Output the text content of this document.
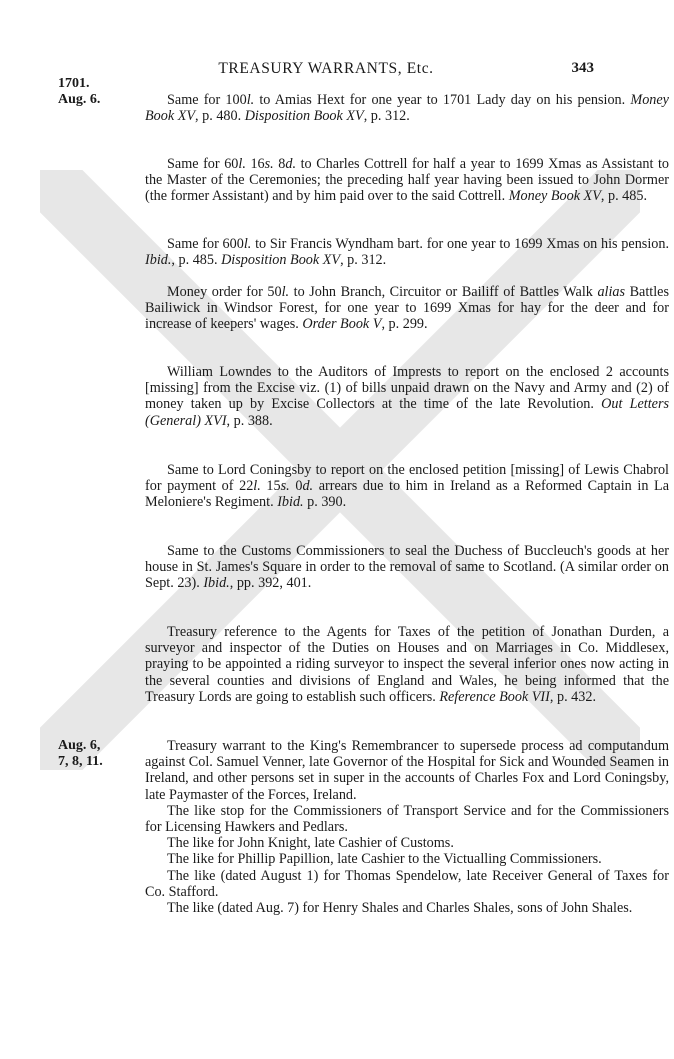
TREASURY WARRANTS, Etc.	343
1701.
Aug. 6.	Same for 100l. to Amias Hext for one year to 1701 Lady day on his pension. Money Book XV, p. 480. Disposition Book XV, p. 312.

Same for 60l. 16s. 8d. to Charles Cottrell for half a year to 1699 Xmas as Assistant to the Master of the Ceremonies; the preceding half year having been issued to John Dormer (the former Assistant) and by him paid over to the said Cottrell. Money Book XV, p. 485.

Same for 600l. to Sir Francis Wyndham bart. for one year to 1699 Xmas on his pension. Ibid., p. 485. Disposition Book XV, p. 312.

Money order for 50l. to John Branch, Circuitor or Bailiff of Battles Walk alias Battles Bailiwick in Windsor Forest, for one year to 1699 Xmas for hay for the deer and for increase of keepers' wages. Order Book V, p. 299.

William Lowndes to the Auditors of Imprests to report on the enclosed 2 accounts [missing] from the Excise viz. (1) of bills unpaid drawn on the Navy and Army and (2) of money taken up by Excise Collectors at the time of the late Revolution. Out Letters (General) XVI, p. 388.

Same to Lord Coningsby to report on the enclosed petition [missing] of Lewis Chabrol for payment of 22l. 15s. 0d. arrears due to him in Ireland as a Reformed Captain in La Meloniere's Regiment. Ibid. p. 390.

Same to the Customs Commissioners to seal the Duchess of Buccleuch's goods at her house in St. James's Square in order to the removal of same to Scotland. (A similar order on Sept. 23). Ibid., pp. 392, 401.

Treasury reference to the Agents for Taxes of the petition of Jonathan Durden, a surveyor and inspector of the Duties on Houses and on Marriages in Co. Middlesex, praying to be appointed a riding surveyor to inspect the several inferior ones now acting in the several counties and divisions of England and Wales, he being informed that the Treasury Lords are going to establish such officers. Reference Book VII, p. 432.

Aug. 6,
7, 8, 11.

Treasury warrant to the King's Remembrancer to supersede process ad computandum against Col. Samuel Venner, late Governor of the Hospital for Sick and Wounded Seamen in Ireland, and other persons set in super in the accounts of Charles Fox and Lord Coningsby, late Paymaster of the Forces, Ireland.

The like stop for the Commissioners of Transport Service and for the Commissioners for Licensing Hawkers and Pedlars.

The like for John Knight, late Cashier of Customs.

The like for Phillip Papillion, late Cashier to the Victualling Commissioners.

The like (dated August 1) for Thomas Spendelow, late Receiver General of Taxes for Co. Stafford.

The like (dated Aug. 7) for Henry Shales and Charles Shales, sons of John Shales.
